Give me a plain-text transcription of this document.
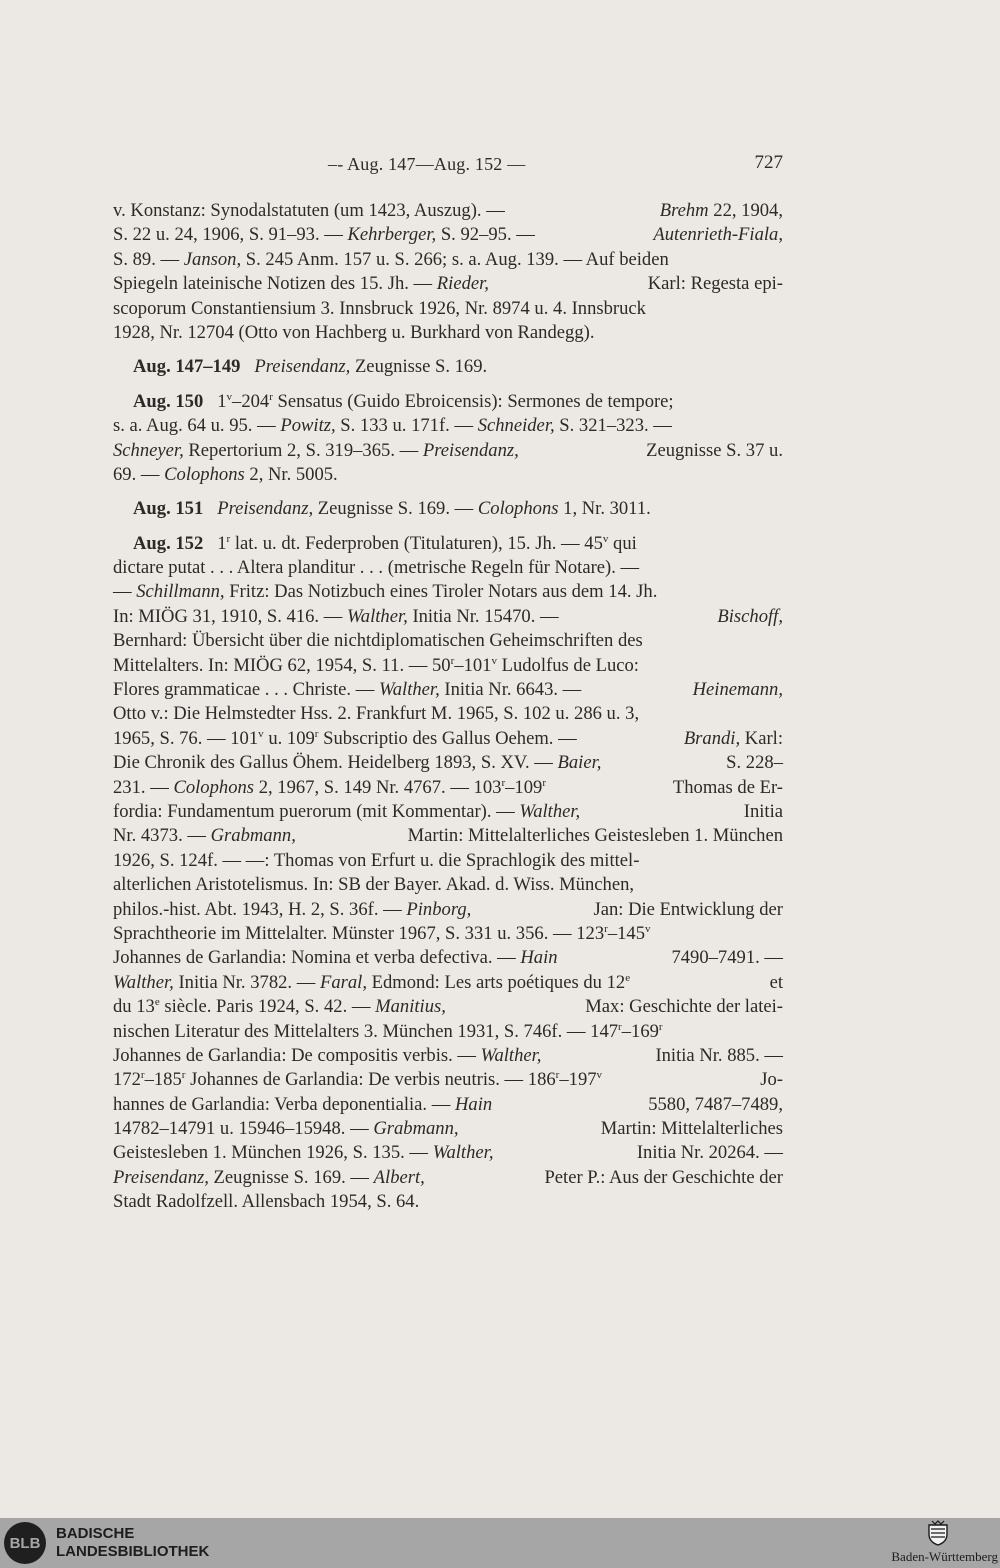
–- Aug. 147—Aug. 152 —	727
v. Konstanz: Synodalstatuten (um 1423, Auszug). —	Brehm 22, 1904,
S. 22 u. 24, 1906, S. 91–93. — Kehrberger, S. 92–95. —	Autenrieth-Fiala,
S. 89. — Janson, S. 245 Anm. 157 u. S. 266; s. a. Aug. 139. — Auf beiden
Spiegeln lateinische Notizen des 15. Jh. — Rieder,	Karl: Regesta epi-
scoporum Constantiensium 3. Innsbruck 1926, Nr. 8974 u. 4. Innsbruck
1928, Nr. 12704 (Otto von Hachberg u. Burkhard von Randegg).
Aug. 147–149 Preisendanz, Zeugnisse S. 169.
Aug. 150 1$^v$–204$^r$ Sensatus (Guido Ebroicensis): Sermones de tempore;
s. a. Aug. 64 u. 95. — Powitz, S. 133 u. 171f. — Schneider, S. 321–323. —
Schneyer, Repertorium 2, S. 319–365. — Preisendanz,	Zeugnisse S. 37 u.
69. — Colophons 2, Nr. 5005.
Aug. 151 Preisendanz, Zeugnisse S. 169. — Colophons 1, Nr. 3011.
Aug. 152 1$^r$ lat. u. dt. Federproben (Titulaturen), 15. Jh. — 45$^v$ qui
dictare putat . . . Altera planditur . . . (metrische Regeln für Notare). —
— Schillmann, Fritz: Das Notizbuch eines Tiroler Notars aus dem 14. Jh.
In: MIÖG 31, 1910, S. 416. — Walther, Initia Nr. 15470. —	Bischoff,
Bernhard: Übersicht über die nichtdiplomatischen Geheimschriften des
Mittelalters. In: MIÖG 62, 1954, S. 11. — 50$^r$–101$^v$ Ludolfus de Luco:
Flores grammaticae . . . Christe. — Walther, Initia Nr. 6643. —	Heinemann,
Otto v.: Die Helmstedter Hss. 2. Frankfurt M. 1965, S. 102 u. 286 u. 3,
1965, S. 76. — 101$^v$ u. 109$^r$ Subscriptio des Gallus Oehem. —	Brandi, Karl:
Die Chronik des Gallus Öhem. Heidelberg 1893, S. XV. — Baier,	S. 228–
231. — Colophons 2, 1967, S. 149 Nr. 4767. — 103$^r$–109$^r$	Thomas de Er-
fordia: Fundamentum puerorum (mit Kommentar). — Walther,	Initia
Nr. 4373. — Grabmann,	Martin: Mittelalterliches Geistesleben 1. München
1926, S. 124f. — —: Thomas von Erfurt u. die Sprachlogik des mittel-
alterlichen Aristotelismus. In: SB der Bayer. Akad. d. Wiss. München,
philos.-hist. Abt. 1943, H. 2, S. 36f. — Pinborg,	Jan: Die Entwicklung der
Sprachtheorie im Mittelalter. Münster 1967, S. 331 u. 356. — 123$^r$–145$^v$
Johannes de Garlandia: Nomina et verba defectiva. — Hain	7490–7491. —
Walther, Initia Nr. 3782. — Faral, Edmond: Les arts poétiques du 12e	et
du 13e siècle. Paris 1924, S. 42. — Manitius,	Max: Geschichte der latei-
nischen Literatur des Mittelalters 3. München 1931, S. 746f. — 147$^r$–169$^r$
Johannes de Garlandia: De compositis verbis. — Walther,	Initia Nr. 885. —
172$^r$–185$^r$ Johannes de Garlandia: De verbis neutris. — 186$^r$–197$^v$	Jo-
hannes de Garlandia: Verba deponentialia. — Hain	5580, 7487–7489,
14782–14791 u. 15946–15948. — Grabmann,	Martin: Mittelalterliches
Geistesleben 1. München 1926, S. 135. — Walther,	Initia Nr. 20264. —
Preisendanz, Zeugnisse S. 169. — Albert,	Peter P.: Aus der Geschichte der
Stadt Radolfzell. Allensbach 1954, S. 64.
BLB
BADISCHE
LANDESBIBLIOTHEK	Baden-Württemberg
